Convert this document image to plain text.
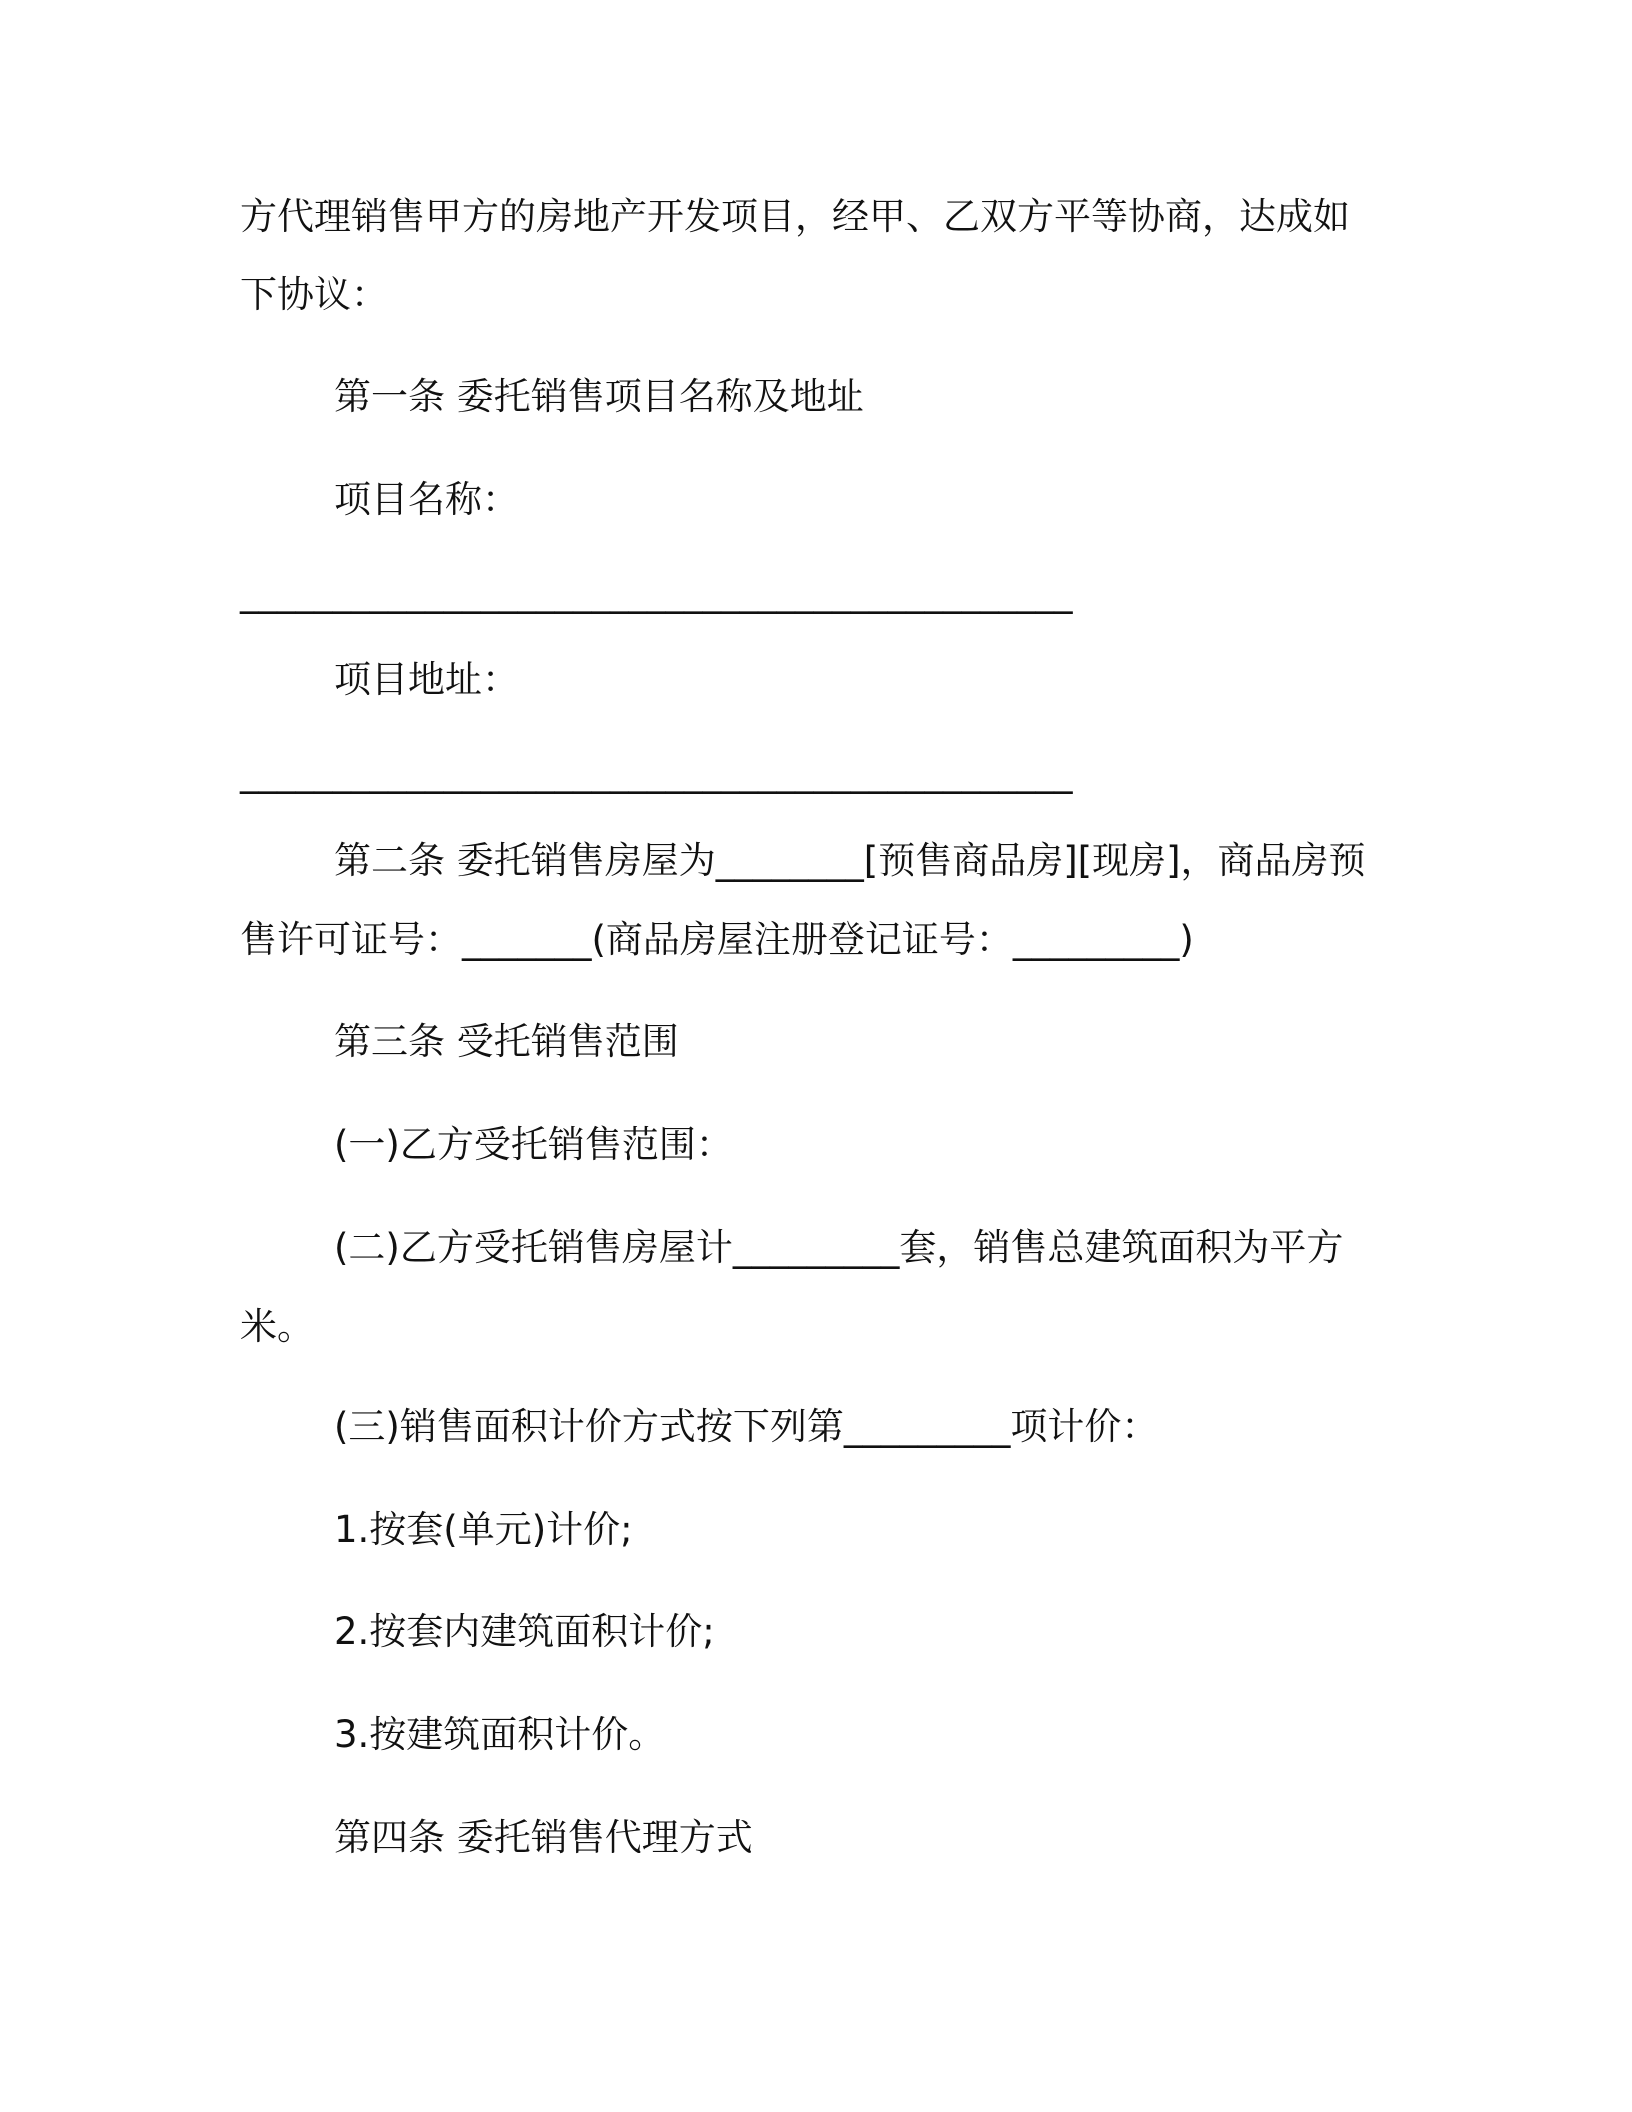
方代理销售甲方的房地产开发项目，经甲、乙双方平等协商，达成如
下协议：
第一条 委托销售项目名称及地址
项目名称：
_____________________________________________
项目地址：
_____________________________________________
第二条 委托销售房屋为________[预售商品房][现房]，商品房预
售许可证号：_______(商品房屋注册登记证号：_________)
第三条 受托销售范围
(一)乙方受托销售范围：
(二)乙方受托销售房屋计_________套，销售总建筑面积为平方
米。
(三)销售面积计价方式按下列第_________项计价：
1.按套(单元)计价;
2.按套内建筑面积计价;
3.按建筑面积计价。
第四条 委托销售代理方式
